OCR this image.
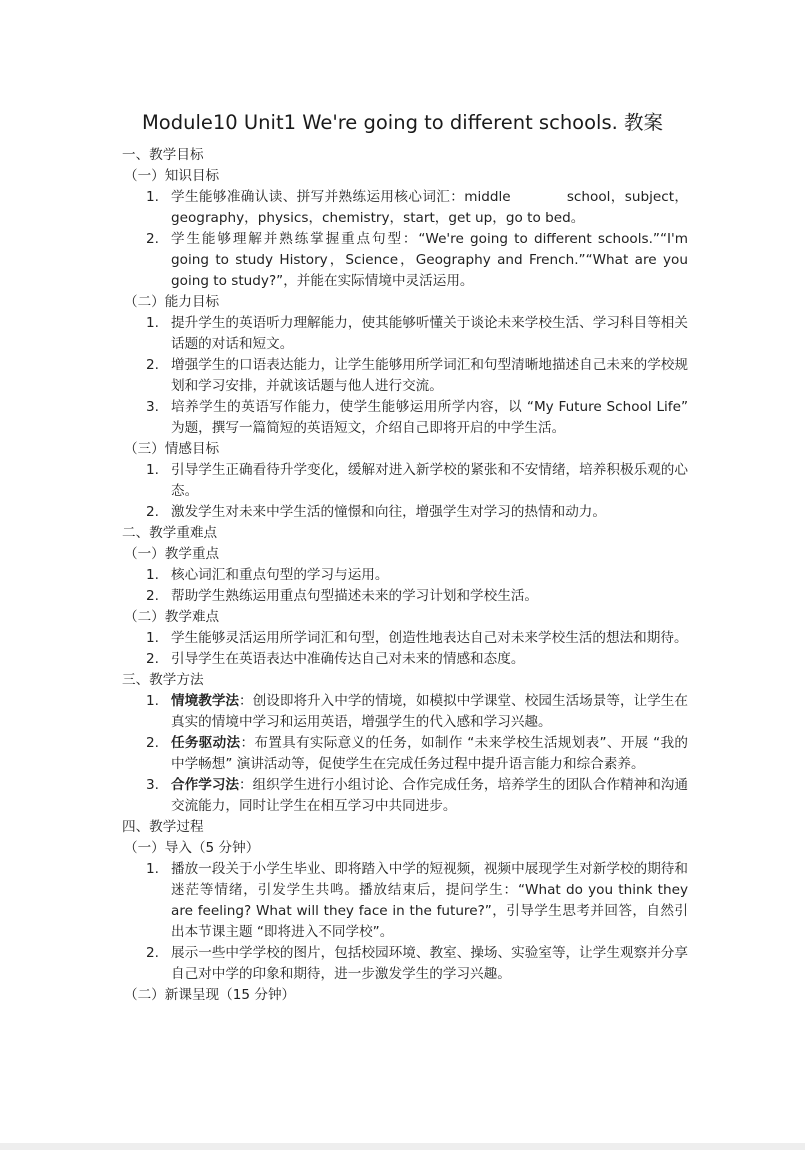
Module10 Unit1 We're going to different schools. 教案
一、教学目标
（一）知识目标
1. 学生能够准确认读、拼写并熟练运用核心词汇：middle　　　　school，subject，geography，physics，chemistry，start，get up，go to bed。
2. 学生能够理解并熟练掌握重点句型：“We're going to different schools.”“I'm going to study History，Science，Geography and French.”“What are you going to study?”，并能在实际情境中灵活运用。
（二）能力目标
1. 提升学生的英语听力理解能力，使其能够听懂关于谈论未来学校生活、学习科目等相关话题的对话和短文。
2. 增强学生的口语表达能力，让学生能够用所学词汇和句型清晰地描述自己未来的学校规划和学习安排，并就该话题与他人进行交流。
3. 培养学生的英语写作能力，使学生能够运用所学内容，以 “My Future School Life” 为题，撰写一篇简短的英语短文，介绍自己即将开启的中学生活。
（三）情感目标
1. 引导学生正确看待升学变化，缓解对进入新学校的紧张和不安情绪，培养积极乐观的心态。
2. 激发学生对未来中学生活的憧憬和向往，增强学生对学习的热情和动力。
二、教学重难点
（一）教学重点
1. 核心词汇和重点句型的学习与运用。
2. 帮助学生熟练运用重点句型描述未来的学习计划和学校生活。
（二）教学难点
1. 学生能够灵活运用所学词汇和句型，创造性地表达自己对未来学校生活的想法和期待。
2. 引导学生在英语表达中准确传达自己对未来的情感和态度。
三、教学方法
1. 情境教学法：创设即将升入中学的情境，如模拟中学课堂、校园生活场景等，让学生在真实的情境中学习和运用英语，增强学生的代入感和学习兴趣。
2. 任务驱动法：布置具有实际意义的任务，如制作 “未来学校生活规划表”、开展 “我的中学畅想” 演讲活动等，促使学生在完成任务过程中提升语言能力和综合素养。
3. 合作学习法：组织学生进行小组讨论、合作完成任务，培养学生的团队合作精神和沟通交流能力，同时让学生在相互学习中共同进步。
四、教学过程
（一）导入（5 分钟）
1. 播放一段关于小学生毕业、即将踏入中学的短视频，视频中展现学生对新学校的期待和迷茫等情绪，引发学生共鸣。播放结束后，提问学生：“What do you think they are feeling? What will they face in the future?”，引导学生思考并回答，自然引出本节课主题 “即将进入不同学校”。
2. 展示一些中学学校的图片，包括校园环境、教室、操场、实验室等，让学生观察并分享自己对中学的印象和期待，进一步激发学生的学习兴趣。
（二）新课呈现（15 分钟）
